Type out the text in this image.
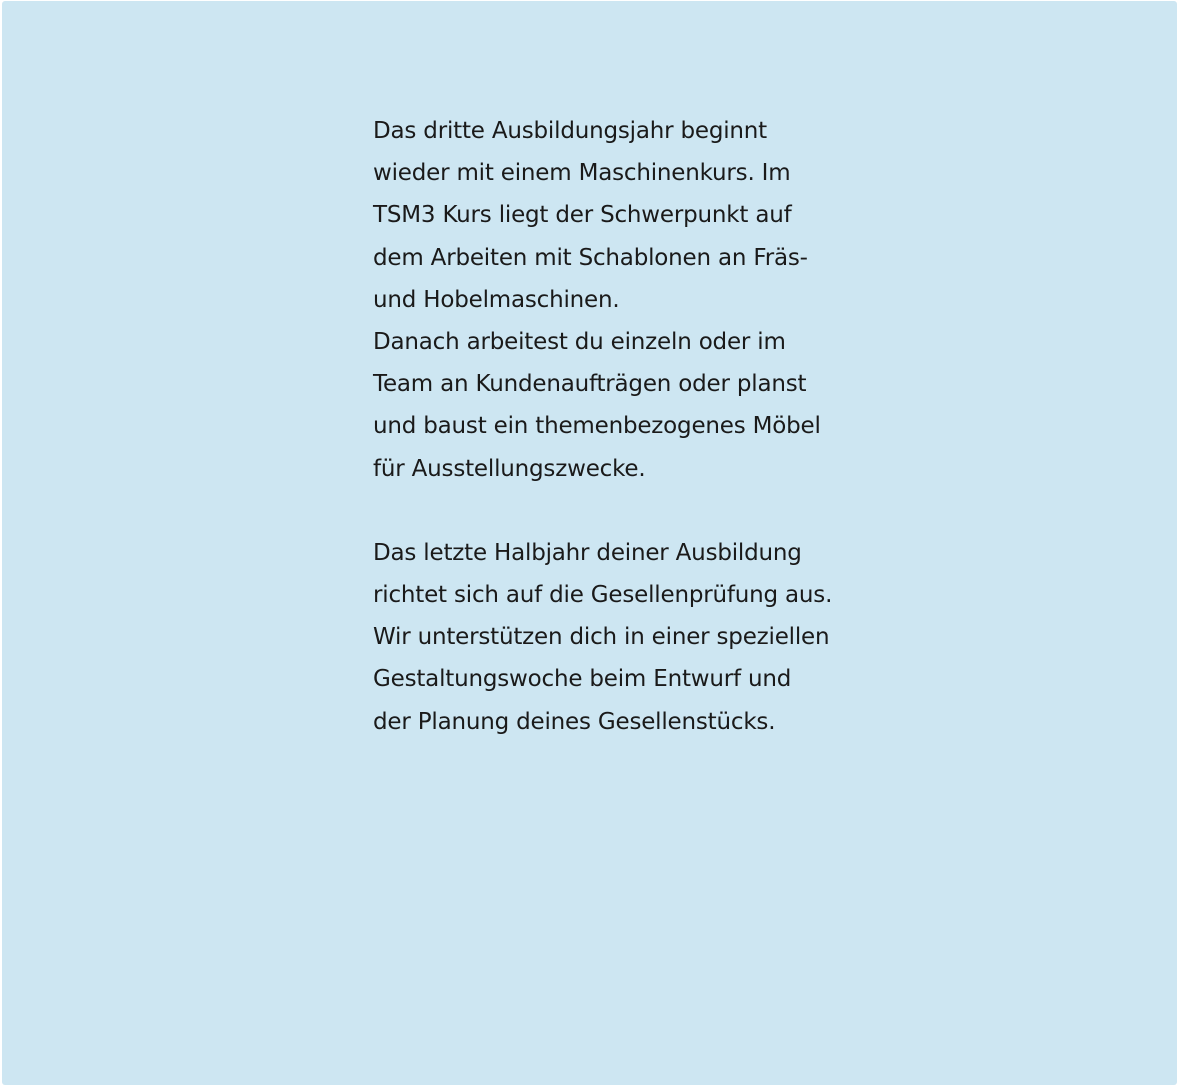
Das dritte Ausbildungsjahr beginnt
wieder mit einem Maschinenkurs. Im
TSM3 Kurs liegt der Schwerpunkt auf
dem Arbeiten mit Schablonen an Fräs-
und Hobelmaschinen.
Danach arbeitest du einzeln oder im
Team an Kundenaufträgen oder planst
und baust ein themenbezogenes Möbel
für Ausstellungszwecke.
Das letzte Halbjahr deiner Ausbildung
richtet sich auf die Gesellenprüfung aus.
Wir unterstützen dich in einer speziellen
Gestaltungswoche beim Entwurf und
der Planung deines Gesellenstücks.
